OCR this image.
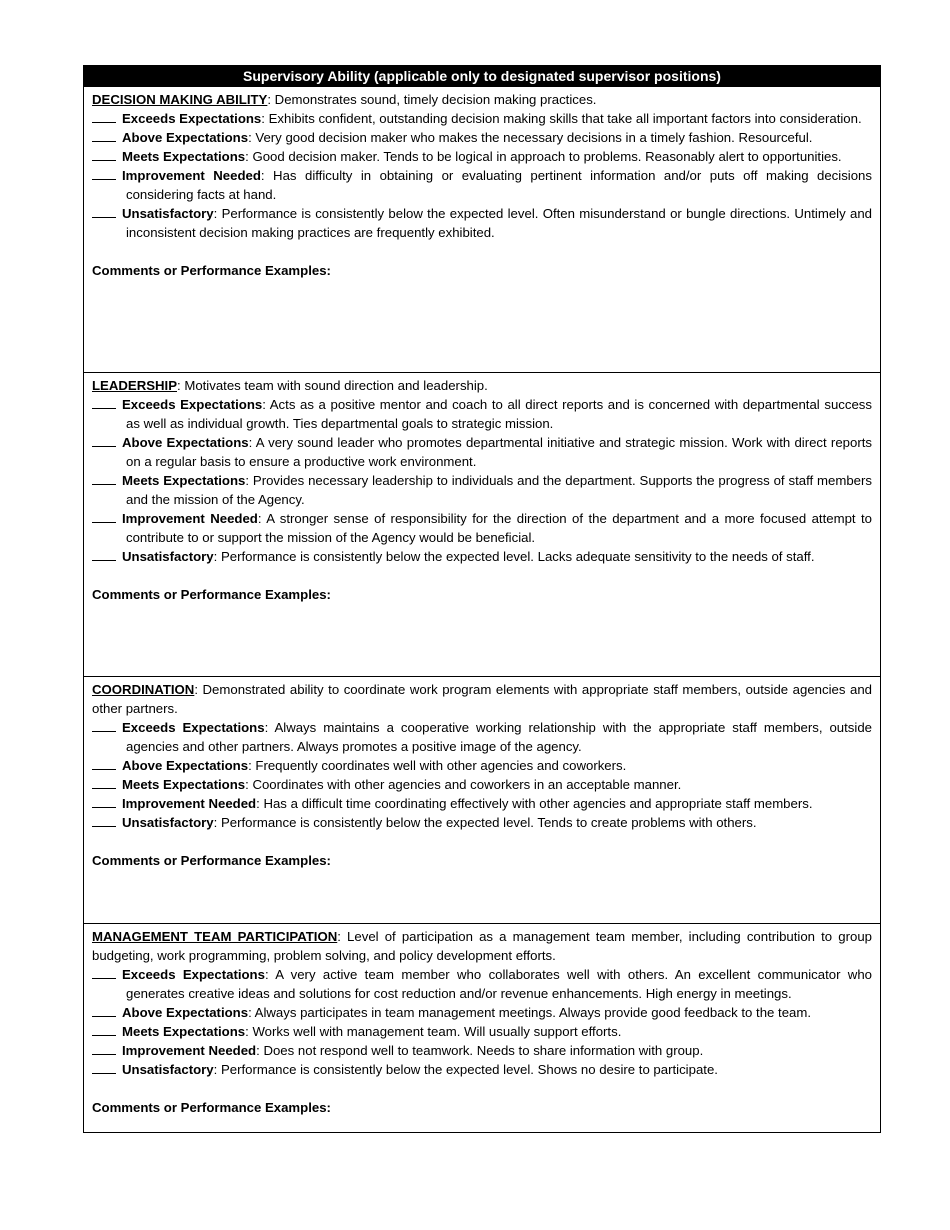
Supervisory Ability (applicable only to designated supervisor positions)
DECISION MAKING ABILITY: Demonstrates sound, timely decision making practices.
Exceeds Expectations: Exhibits confident, outstanding decision making skills that take all important factors into consideration.
Above Expectations: Very good decision maker who makes the necessary decisions in a timely fashion. Resourceful.
Meets Expectations: Good decision maker. Tends to be logical in approach to problems. Reasonably alert to opportunities.
Improvement Needed: Has difficulty in obtaining or evaluating pertinent information and/or puts off making decisions considering facts at hand.
Unsatisfactory: Performance is consistently below the expected level. Often misunderstand or bungle directions. Untimely and inconsistent decision making practices are frequently exhibited.
Comments or Performance Examples:
LEADERSHIP: Motivates team with sound direction and leadership.
Exceeds Expectations: Acts as a positive mentor and coach to all direct reports and is concerned with departmental success as well as individual growth. Ties departmental goals to strategic mission.
Above Expectations: A very sound leader who promotes departmental initiative and strategic mission. Work with direct reports on a regular basis to ensure a productive work environment.
Meets Expectations: Provides necessary leadership to individuals and the department. Supports the progress of staff members and the mission of the Agency.
Improvement Needed: A stronger sense of responsibility for the direction of the department and a more focused attempt to contribute to or support the mission of the Agency would be beneficial.
Unsatisfactory: Performance is consistently below the expected level. Lacks adequate sensitivity to the needs of staff.
Comments or Performance Examples:
COORDINATION: Demonstrated ability to coordinate work program elements with appropriate staff members, outside agencies and other partners.
Exceeds Expectations: Always maintains a cooperative working relationship with the appropriate staff members, outside agencies and other partners. Always promotes a positive image of the agency.
Above Expectations: Frequently coordinates well with other agencies and coworkers.
Meets Expectations: Coordinates with other agencies and coworkers in an acceptable manner.
Improvement Needed: Has a difficult time coordinating effectively with other agencies and appropriate staff members.
Unsatisfactory: Performance is consistently below the expected level. Tends to create problems with others.
Comments or Performance Examples:
MANAGEMENT TEAM PARTICIPATION: Level of participation as a management team member, including contribution to group budgeting, work programming, problem solving, and policy development efforts.
Exceeds Expectations: A very active team member who collaborates well with others. An excellent communicator who generates creative ideas and solutions for cost reduction and/or revenue enhancements. High energy in meetings.
Above Expectations: Always participates in team management meetings. Always provide good feedback to the team.
Meets Expectations: Works well with management team. Will usually support efforts.
Improvement Needed: Does not respond well to teamwork. Needs to share information with group.
Unsatisfactory: Performance is consistently below the expected level. Shows no desire to participate.
Comments or Performance Examples:
